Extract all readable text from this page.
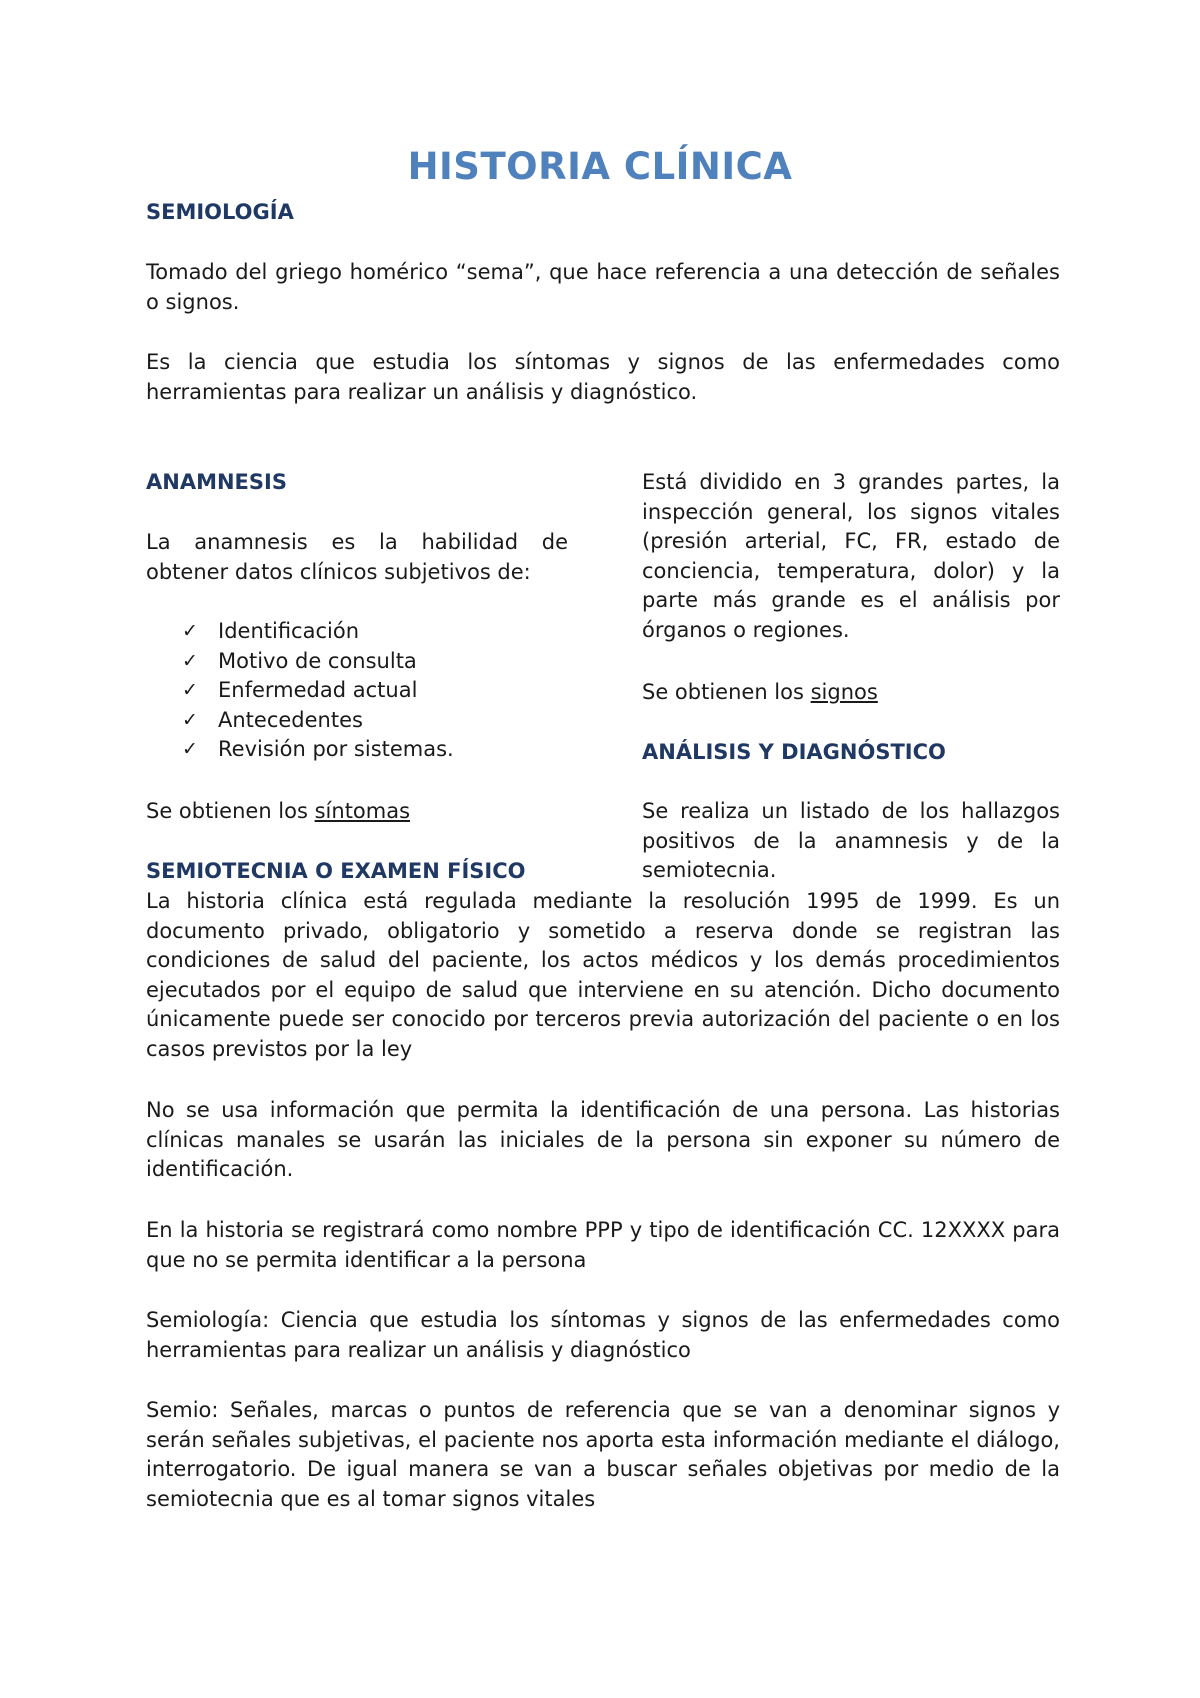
HISTORIA CLÍNICA
SEMIOLOGÍA

Tomado del griego homérico “sema”, que hace referencia a una detección de señales o signos.

Es la ciencia que estudia los síntomas y signos de las enfermedades como herramientas para realizar un análisis y diagnóstico.

ANAMNESIS

La anamnesis es la habilidad de obtener datos clínicos subjetivos de:

✓ Identificación
✓ Motivo de consulta
✓ Enfermedad actual
✓ Antecedentes
✓ Revisión por sistemas.

Se obtienen los síntomas

SEMIOTECNIA O EXAMEN FÍSICO

Está dividido en 3 grandes partes, la inspección general, los signos vitales (presión arterial, FC, FR, estado de conciencia, temperatura, dolor) y la parte más grande es el análisis por órganos o regiones.

Se obtienen los signos

ANÁLISIS Y DIAGNÓSTICO

Se realiza un listado de los hallazgos positivos de la anamnesis y de la semiotecnia.

La historia clínica está regulada mediante la resolución 1995 de 1999. Es un documento privado, obligatorio y sometido a reserva donde se registran las condiciones de salud del paciente, los actos médicos y los demás procedimientos ejecutados por el equipo de salud que interviene en su atención. Dicho documento únicamente puede ser conocido por terceros previa autorización del paciente o en los casos previstos por la ley

No se usa información que permita la identificación de una persona. Las historias clínicas manales se usarán las iniciales de la persona sin exponer su número de identificación.

En la historia se registrará como nombre PPP y tipo de identificación CC. 12XXXX para que no se permita identificar a la persona

Semiología: Ciencia que estudia los síntomas y signos de las enfermedades como herramientas para realizar un análisis y diagnóstico

Semio: Señales, marcas o puntos de referencia que se van a denominar signos y serán señales subjetivas, el paciente nos aporta esta información mediante el diálogo, interrogatorio. De igual manera se van a buscar señales objetivas por medio de la semiotecnia que es al tomar signos vitales
